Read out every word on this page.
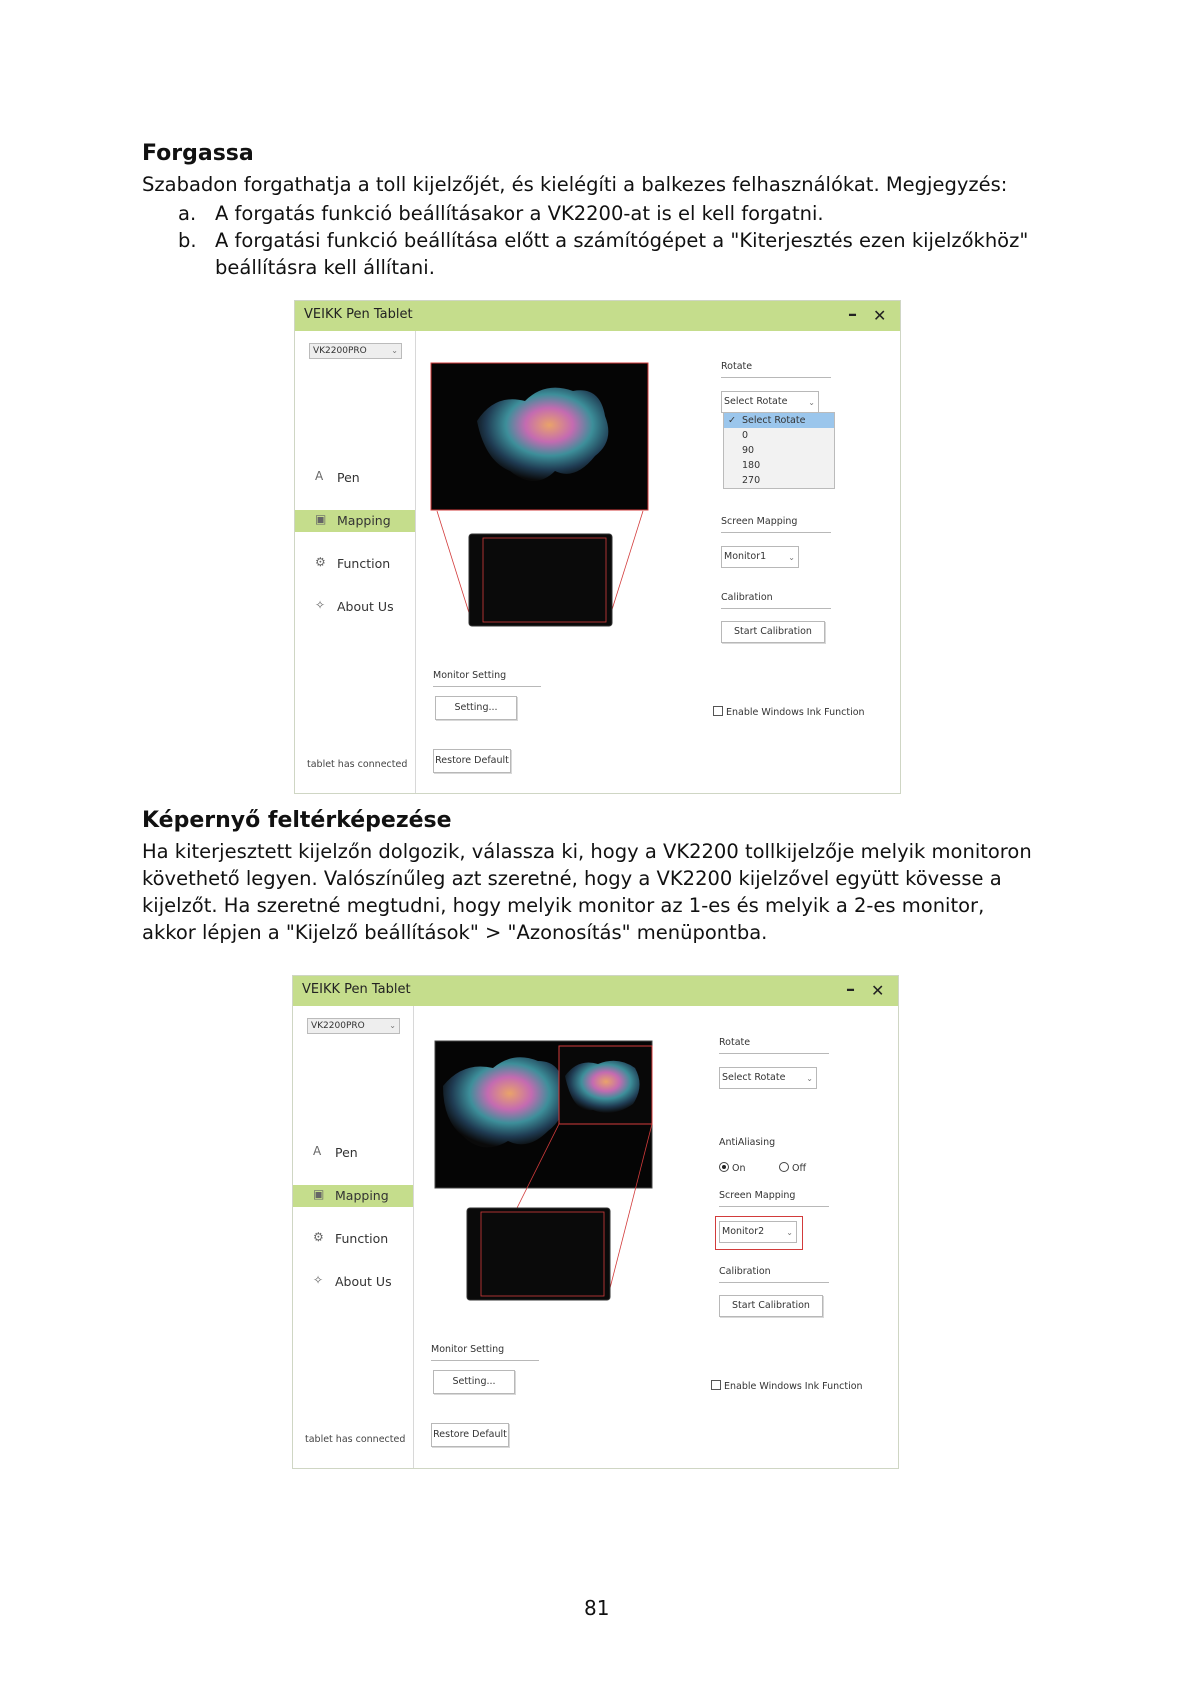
Forgassa
Szabadon forgathatja a toll kijelzőjét, és kielégíti a balkezes felhasználókat. Megjegyzés:
a. A forgatás funkció beállításakor a VK2200-at is el kell forgatni.
b. A forgatási funkció beállítása előtt a számítógépet a "Kiterjesztés ezen kijelzőkhöz"
beállításra kell állítani.
VEIKK Pen Tablet	– ✕
VK2200PRO	⌄
A Pen
▣ Mapping
⚙ Function
✧ About Us
tablet has connected
Rotate
Select Rotate	⌄
✓ Select Rotate
0
90
180
270
Screen Mapping
Monitor1	⌄
Calibration
Start Calibration
Monitor Setting
Setting...	Enable Windows Ink Function
Restore Default
Képernyő feltérképezése
Ha kiterjesztett kijelzőn dolgozik, válassza ki, hogy a VK2200 tollkijelzője melyik monitoron
követhető legyen. Valószínűleg azt szeretné, hogy a VK2200 kijelzővel együtt kövesse a
kijelzőt. Ha szeretné megtudni, hogy melyik monitor az 1-es és melyik a 2-es monitor,
akkor lépjen a "Kijelző beállítások" > "Azonosítás" menüpontba.
VEIKK Pen Tablet	– ✕
VK2200PRO	⌄
A Pen
▣ Mapping
⚙ Function
✧ About Us
tablet has connected
Rotate
Select Rotate	⌄
AntiAliasing
On	Off
Screen Mapping
Monitor2	⌄
Calibration
Start Calibration
Monitor Setting
Setting...	Enable Windows Ink Function
Restore Default
81
